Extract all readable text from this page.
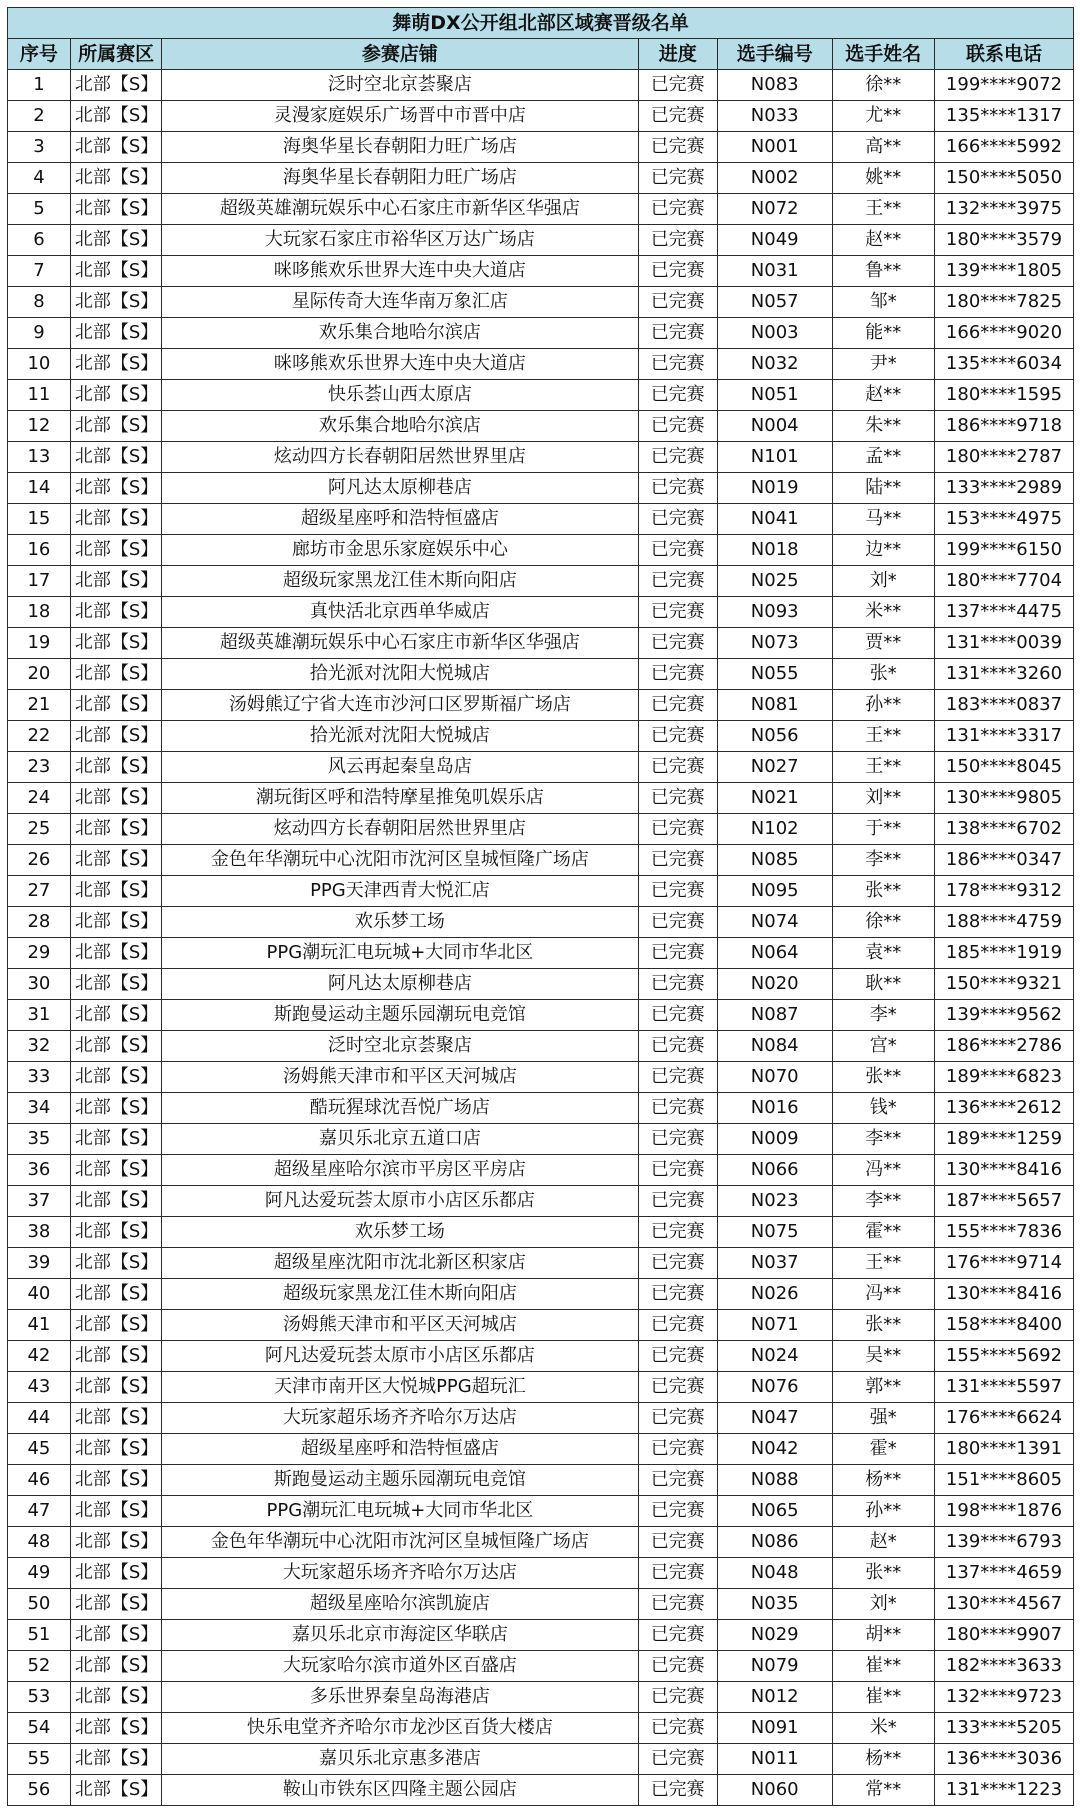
舞萌DX公开组北部区域赛晋级名单						
序号	所属赛区	参赛店铺	进度	选手编号	选手姓名	联系电话
1	北部【S】	泛时空北京荟聚店	已完赛	N083	徐**	199****9072
2	北部【S】	灵漫家庭娱乐广场晋中市晋中店	已完赛	N033	尤**	135****1317
3	北部【S】	海奥华星长春朝阳力旺广场店	已完赛	N001	高**	166****5992
4	北部【S】	海奥华星长春朝阳力旺广场店	已完赛	N002	姚**	150****5050
5	北部【S】	超级英雄潮玩娱乐中心石家庄市新华区华强店	已完赛	N072	王**	132****3975
6	北部【S】	大玩家石家庄市裕华区万达广场店	已完赛	N049	赵**	180****3579
7	北部【S】	咪哆熊欢乐世界大连中央大道店	已完赛	N031	鲁**	139****1805
8	北部【S】	星际传奇大连华南万象汇店	已完赛	N057	邹*	180****7825
9	北部【S】	欢乐集合地哈尔滨店	已完赛	N003	能**	166****9020
10	北部【S】	咪哆熊欢乐世界大连中央大道店	已完赛	N032	尹*	135****6034
11	北部【S】	快乐荟山西太原店	已完赛	N051	赵**	180****1595
12	北部【S】	欢乐集合地哈尔滨店	已完赛	N004	朱**	186****9718
13	北部【S】	炫动四方长春朝阳居然世界里店	已完赛	N101	孟**	180****2787
14	北部【S】	阿凡达太原柳巷店	已完赛	N019	陆**	133****2989
15	北部【S】	超级星座呼和浩特恒盛店	已完赛	N041	马**	153****4975
16	北部【S】	廊坊市金思乐家庭娱乐中心	已完赛	N018	边**	199****6150
17	北部【S】	超级玩家黑龙江佳木斯向阳店	已完赛	N025	刘*	180****7704
18	北部【S】	真快活北京西单华威店	已完赛	N093	米**	137****4475
19	北部【S】	超级英雄潮玩娱乐中心石家庄市新华区华强店	已完赛	N073	贾**	131****0039
20	北部【S】	拾光派对沈阳大悦城店	已完赛	N055	张*	131****3260
21	北部【S】	汤姆熊辽宁省大连市沙河口区罗斯福广场店	已完赛	N081	孙**	183****0837
22	北部【S】	拾光派对沈阳大悦城店	已完赛	N056	王**	131****3317
23	北部【S】	风云再起秦皇岛店	已完赛	N027	王**	150****8045
24	北部【S】	潮玩街区呼和浩特摩星推兔叽娱乐店	已完赛	N021	刘**	130****9805
25	北部【S】	炫动四方长春朝阳居然世界里店	已完赛	N102	于**	138****6702
26	北部【S】	金色年华潮玩中心沈阳市沈河区皇城恒隆广场店	已完赛	N085	李**	186****0347
27	北部【S】	PPG天津西青大悦汇店	已完赛	N095	张**	178****9312
28	北部【S】	欢乐梦工场	已完赛	N074	徐**	188****4759
29	北部【S】	PPG潮玩汇电玩城+大同市华北区	已完赛	N064	袁**	185****1919
30	北部【S】	阿凡达太原柳巷店	已完赛	N020	耿**	150****9321
31	北部【S】	斯跑曼运动主题乐园潮玩电竞馆	已完赛	N087	李*	139****9562
32	北部【S】	泛时空北京荟聚店	已完赛	N084	宫*	186****2786
33	北部【S】	汤姆熊天津市和平区天河城店	已完赛	N070	张**	189****6823
34	北部【S】	酷玩猩球沈吾悦广场店	已完赛	N016	钱*	136****2612
35	北部【S】	嘉贝乐北京五道口店	已完赛	N009	李**	189****1259
36	北部【S】	超级星座哈尔滨市平房区平房店	已完赛	N066	冯**	130****8416
37	北部【S】	阿凡达爱玩荟太原市小店区乐都店	已完赛	N023	李**	187****5657
38	北部【S】	欢乐梦工场	已完赛	N075	霍**	155****7836
39	北部【S】	超级星座沈阳市沈北新区积家店	已完赛	N037	王**	176****9714
40	北部【S】	超级玩家黑龙江佳木斯向阳店	已完赛	N026	冯**	130****8416
41	北部【S】	汤姆熊天津市和平区天河城店	已完赛	N071	张**	158****8400
42	北部【S】	阿凡达爱玩荟太原市小店区乐都店	已完赛	N024	吴**	155****5692
43	北部【S】	天津市南开区大悦城PPG超玩汇	已完赛	N076	郭**	131****5597
44	北部【S】	大玩家超乐场齐齐哈尔万达店	已完赛	N047	强*	176****6624
45	北部【S】	超级星座呼和浩特恒盛店	已完赛	N042	霍*	180****1391
46	北部【S】	斯跑曼运动主题乐园潮玩电竞馆	已完赛	N088	杨**	151****8605
47	北部【S】	PPG潮玩汇电玩城+大同市华北区	已完赛	N065	孙**	198****1876
48	北部【S】	金色年华潮玩中心沈阳市沈河区皇城恒隆广场店	已完赛	N086	赵*	139****6793
49	北部【S】	大玩家超乐场齐齐哈尔万达店	已完赛	N048	张**	137****4659
50	北部【S】	超级星座哈尔滨凯旋店	已完赛	N035	刘*	130****4567
51	北部【S】	嘉贝乐北京市海淀区华联店	已完赛	N029	胡**	180****9907
52	北部【S】	大玩家哈尔滨市道外区百盛店	已完赛	N079	崔**	182****3633
53	北部【S】	多乐世界秦皇岛海港店	已完赛	N012	崔**	132****9723
54	北部【S】	快乐电堂齐齐哈尔市龙沙区百货大楼店	已完赛	N091	米*	133****5205
55	北部【S】	嘉贝乐北京惠多港店	已完赛	N011	杨**	136****3036
56	北部【S】	鞍山市铁东区四隆主题公园店	已完赛	N060	常**	131****1223
